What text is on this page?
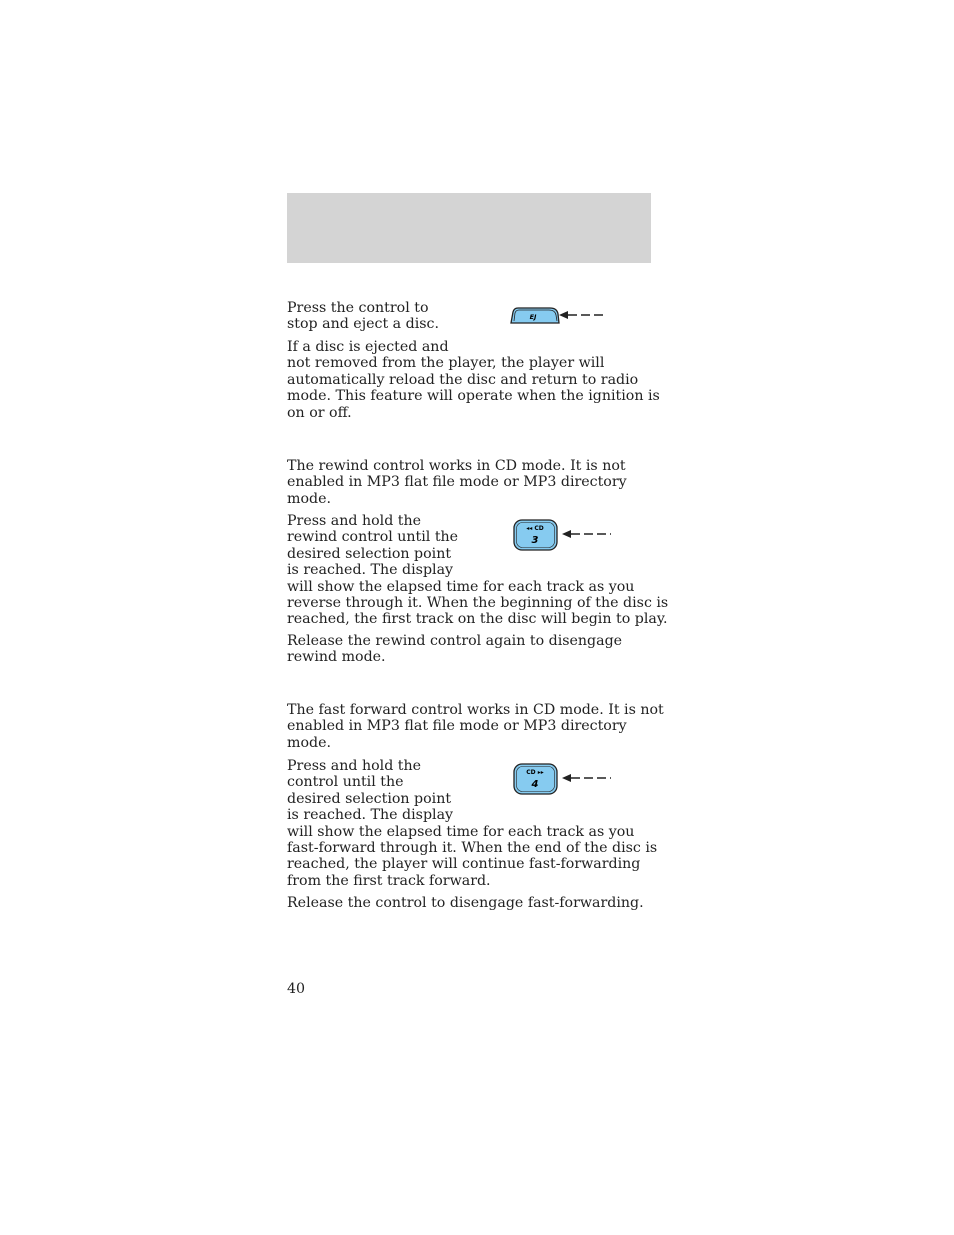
Press the control to
stop and eject a disc.	EJ

If a disc is ejected and
not removed from the player, the player will
automatically reload the disc and return to radio
mode. This feature will operate when the ignition is
on or off.

The rewind control works in CD mode. It is not
enabled in MP3 flat file mode or MP3 directory
mode.

Press and hold the
rewind control until the
desired selection point
is reached. The display
will show the elapsed time for each track as you
reverse through it. When the beginning of the disc is
reached, the first track on the disc will begin to play.

◂◂ CD
3

Release the rewind control again to disengage
rewind mode.

The fast forward control works in CD mode. It is not
enabled in MP3 flat file mode or MP3 directory
mode.

Press and hold the
control until the
desired selection point
is reached. The display
will show the elapsed time for each track as you
fast-forward through it. When the end of the disc is
reached, the player will continue fast-forwarding
from the first track forward.

CD ▸▸
4

Release the control to disengage fast-forwarding.

40
